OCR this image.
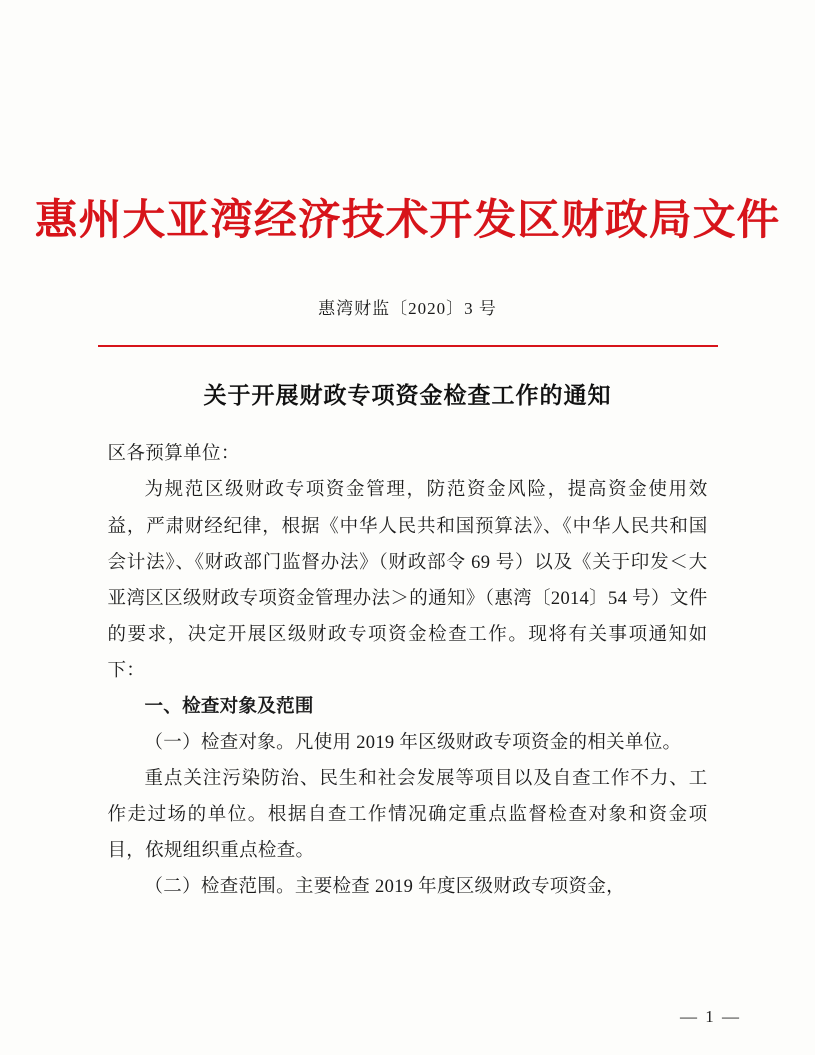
惠州大亚湾经济技术开发区财政局文件
惠湾财监〔2020〕3 号
关于开展财政专项资金检查工作的通知
区各预算单位：

为规范区级财政专项资金管理，防范资金风险，提高资金使用效益，严肃财经纪律，根据《中华人民共和国预算法》、《中华人民共和国会计法》、《财政部门监督办法》（财政部令 69 号）以及《关于印发＜大亚湾区区级财政专项资金管理办法＞的通知》（惠湾〔2014〕54 号）文件的要求，决定开展区级财政专项资金检查工作。现将有关事项通知如下：

一、检查对象及范围

（一）检查对象。凡使用 2019 年区级财政专项资金的相关单位。

重点关注污染防治、民生和社会发展等项目以及自查工作不力、工作走过场的单位。根据自查工作情况确定重点监督检查对象和资金项目，依规组织重点检查。

（二）检查范围。主要检查 2019 年度区级财政专项资金，

— 1 —
